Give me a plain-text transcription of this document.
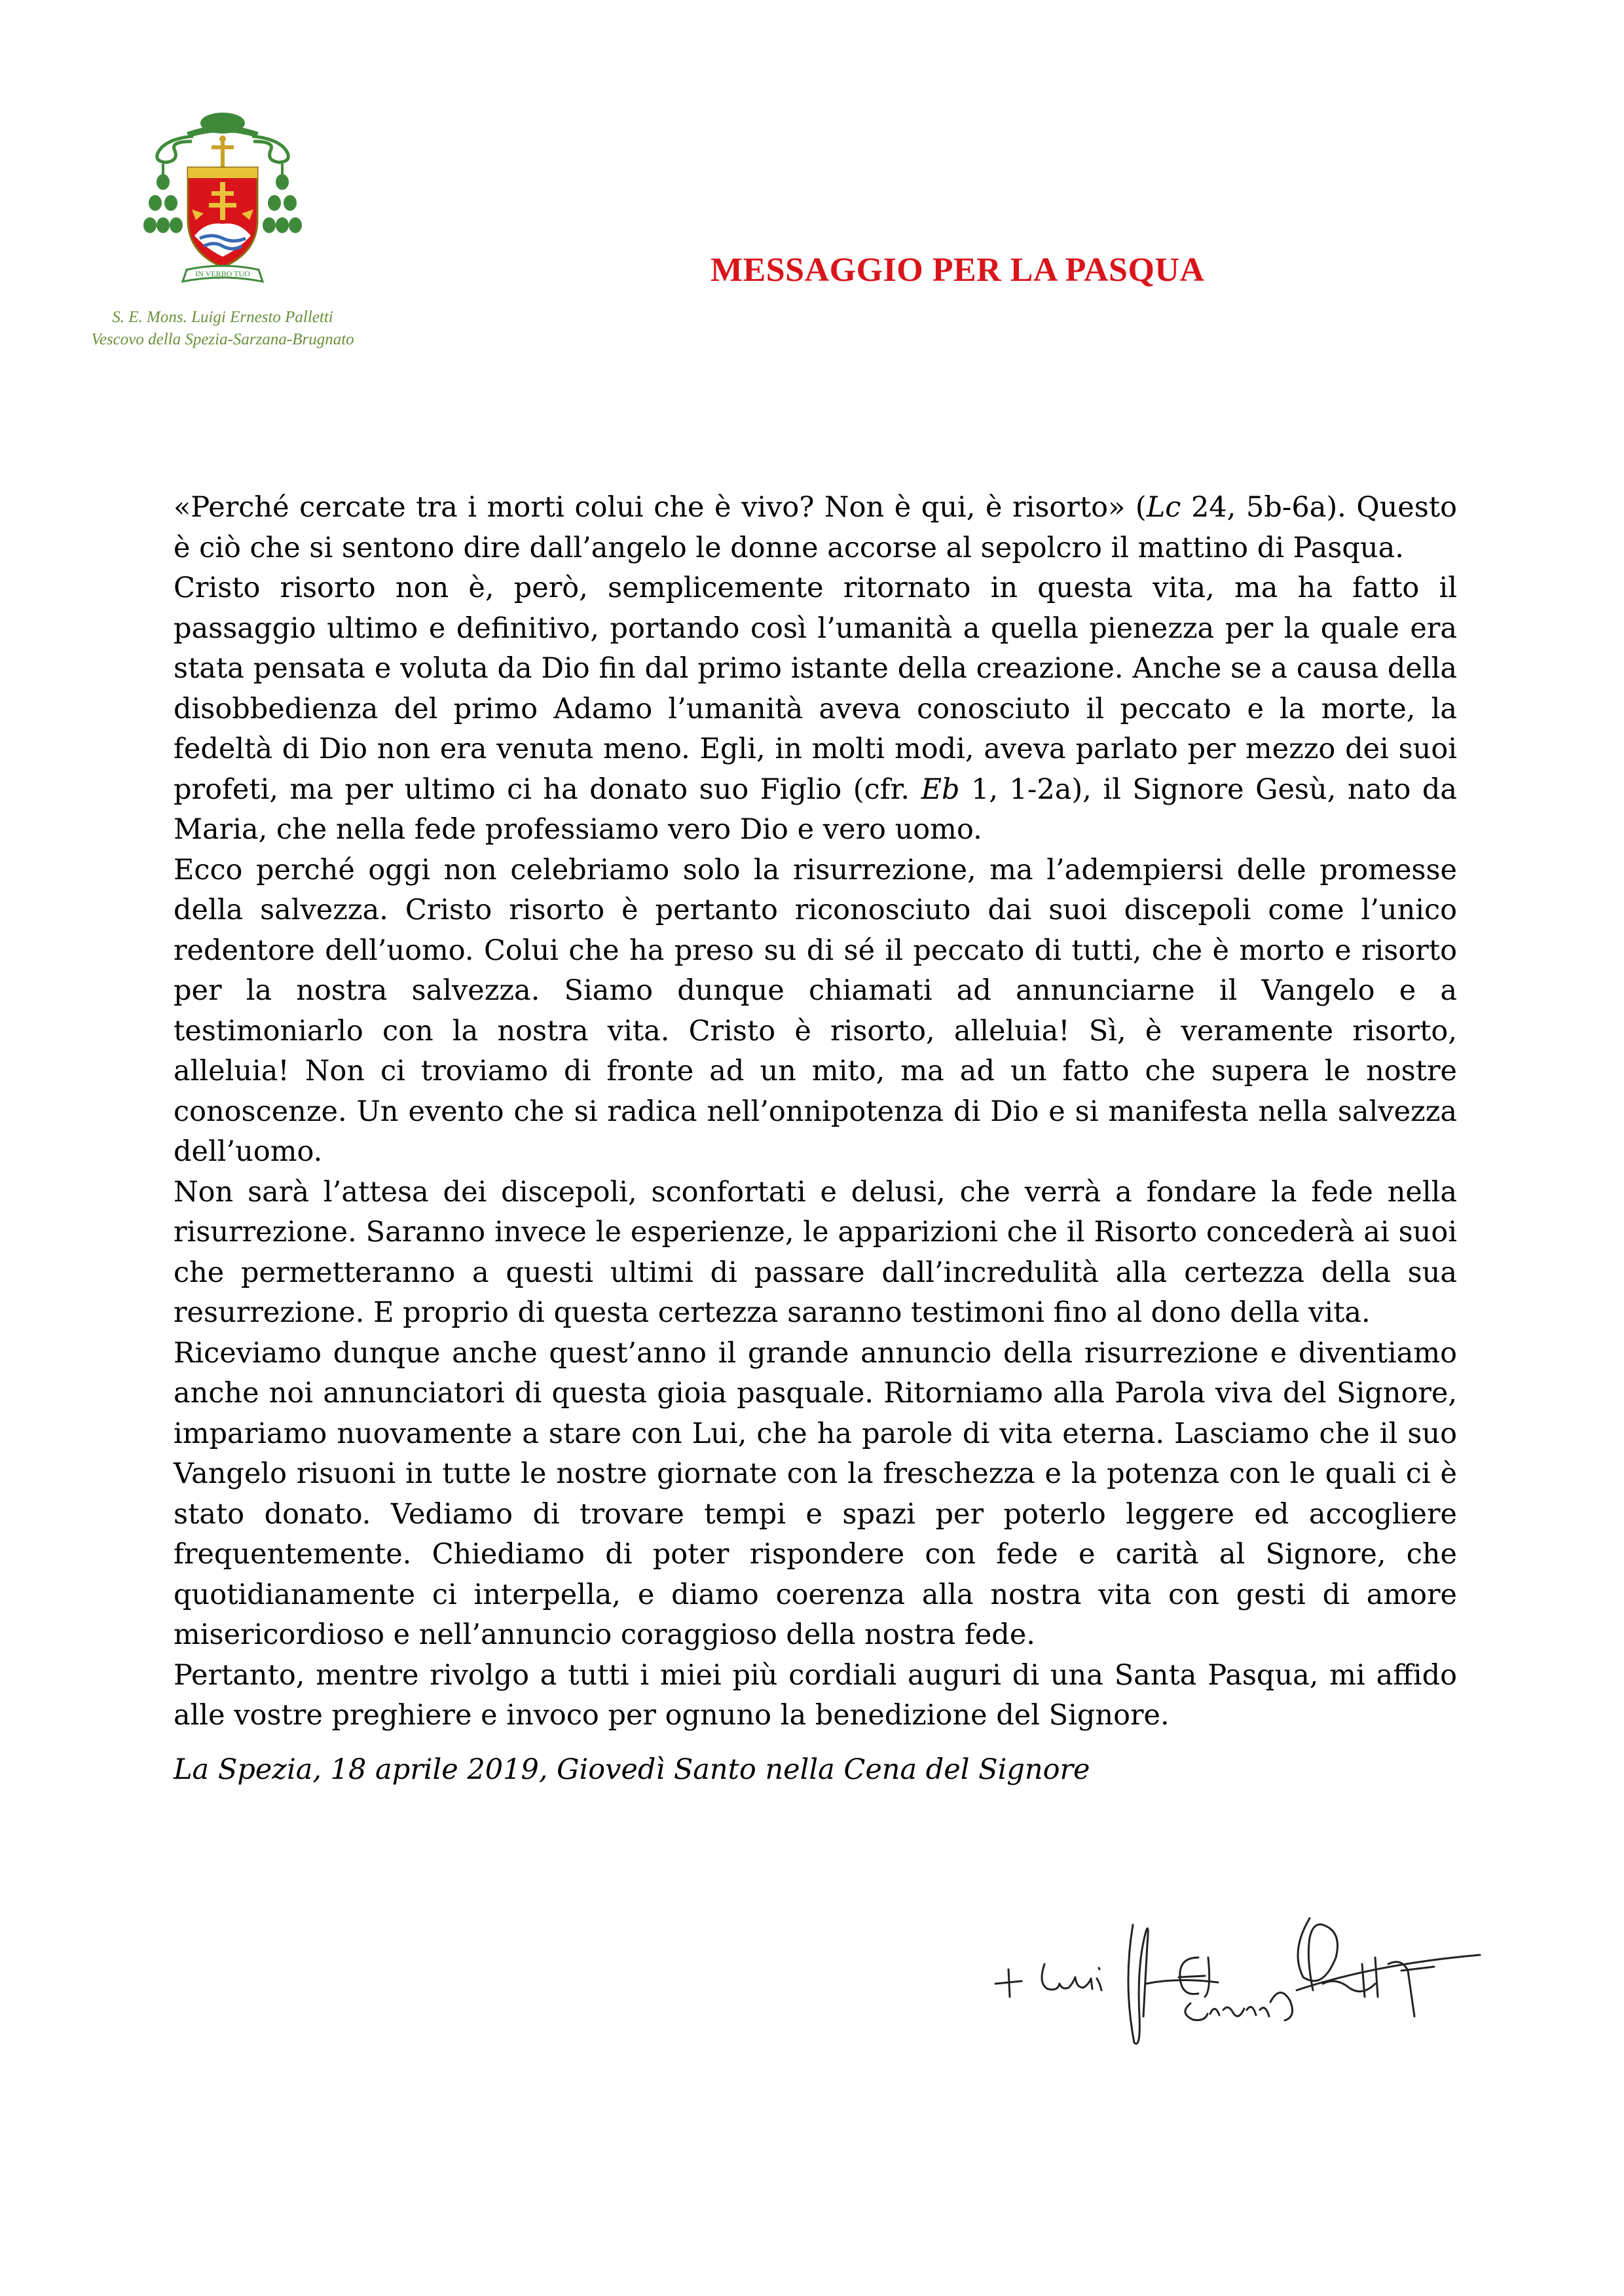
IN VERBO TUO
S. E. Mons. Luigi Ernesto Palletti
Vescovo della Spezia-Sarzana-Brugnato
MESSAGGIO PER LA PASQUA

«Perché cercate tra i morti colui che è vivo? Non è qui, è risorto» (Lc 24, 5b-6a). Questo è ciò che si sentono dire dall’angelo le donne accorse al sepolcro il mattino di Pasqua.

Cristo risorto non è, però, semplicemente ritornato in questa vita, ma ha fatto il passaggio ultimo e definitivo, portando così l’umanità a quella pienezza per la quale era stata pensata e voluta da Dio fin dal primo istante della creazione. Anche se a causa della disobbedienza del primo Adamo l’umanità aveva conosciuto il peccato e la morte, la fedeltà di Dio non era venuta meno. Egli, in molti modi, aveva parlato per mezzo dei suoi profeti, ma per ultimo ci ha donato suo Figlio (cfr. Eb 1, 1-2a), il Signore Gesù, nato da Maria, che nella fede professiamo vero Dio e vero uomo.

Ecco perché oggi non celebriamo solo la risurrezione, ma l’adempiersi delle promesse della salvezza. Cristo risorto è pertanto riconosciuto dai suoi discepoli come l’unico redentore dell’uomo. Colui che ha preso su di sé il peccato di tutti, che è morto e risorto per la nostra salvezza. Siamo dunque chiamati ad annunciarne il Vangelo e a testimoniarlo con la nostra vita. Cristo è risorto, alleluia! Sì, è veramente risorto, alleluia! Non ci troviamo di fronte ad un mito, ma ad un fatto che supera le nostre conoscenze. Un evento che si radica nell’onnipotenza di Dio e si manifesta nella salvezza dell’uomo.

Non sarà l’attesa dei discepoli, sconfortati e delusi, che verrà a fondare la fede nella risurrezione. Saranno invece le esperienze, le apparizioni che il Risorto concederà ai suoi che permetteranno a questi ultimi di passare dall’incredulità alla certezza della sua resurrezione. E proprio di questa certezza saranno testimoni fino al dono della vita.

Riceviamo dunque anche quest’anno il grande annuncio della risurrezione e diventiamo anche noi annunciatori di questa gioia pasquale. Ritorniamo alla Parola viva del Signore, impariamo nuovamente a stare con Lui, che ha parole di vita eterna. Lasciamo che il suo Vangelo risuoni in tutte le nostre giornate con la freschezza e la potenza con le quali ci è stato donato. Vediamo di trovare tempi e spazi per poterlo leggere ed accogliere frequentemente. Chiediamo di poter rispondere con fede e carità al Signore, che quotidianamente ci interpella, e diamo coerenza alla nostra vita con gesti di amore misericordioso e nell’annuncio coraggioso della nostra fede.

Pertanto, mentre rivolgo a tutti i miei più cordiali auguri di una Santa Pasqua, mi affido alle vostre preghiere e invoco per ognuno la benedizione del Signore.

La Spezia, 18 aprile 2019, Giovedì Santo nella Cena del Signore
